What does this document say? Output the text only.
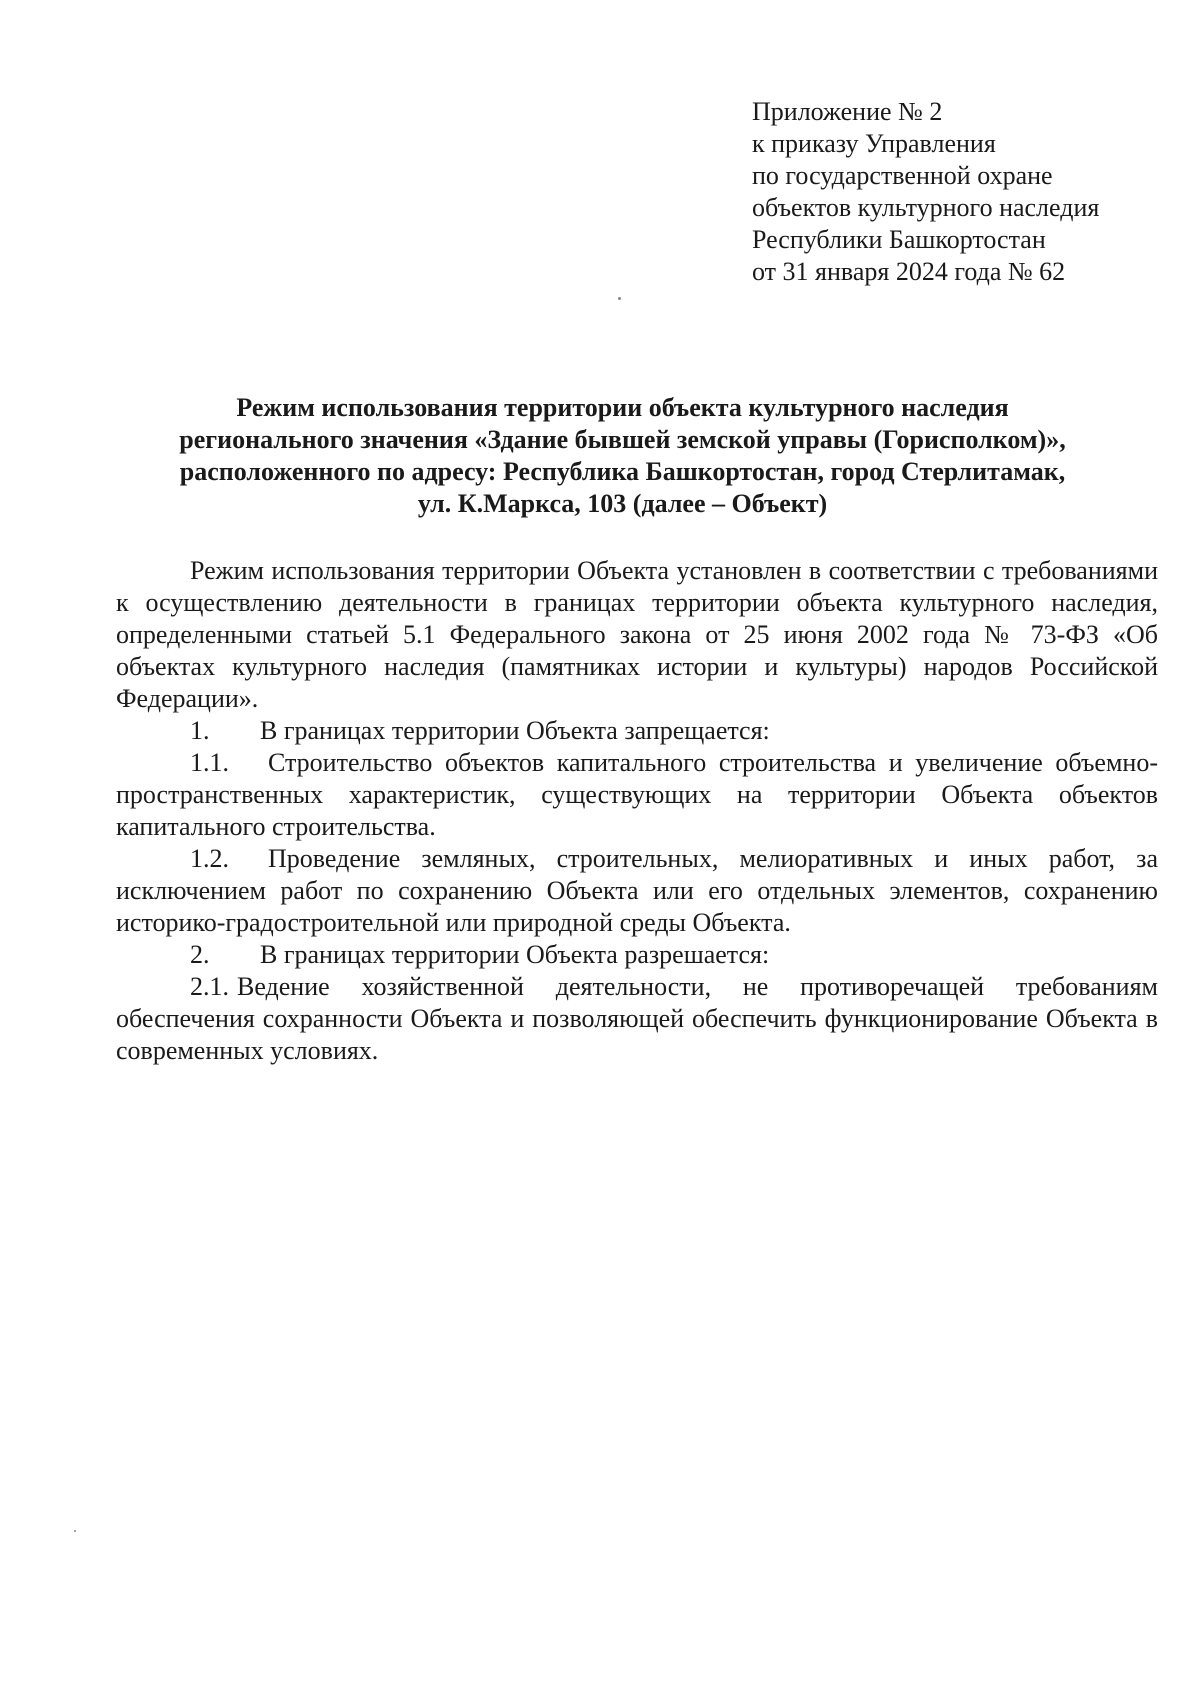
Приложение № 2
к приказу Управления
по государственной охране
объектов культурного наследия
Республики Башкортостан
от 31 января 2024 года № 62
Режим использования территории объекта культурного наследия
регионального значения «Здание бывшей земской управы (Горисполком)»,
расположенного по адресу: Республика Башкортостан, город Стерлитамак,
ул. К.Маркса, 103 (далее – Объект)

Режим использования территории Объекта установлен в соответствии с требованиями к осуществлению деятельности в границах территории объекта культурного наследия, определенными статьей 5.1 Федерального закона от 25 июня 2002 года № 73-ФЗ «Об объектах культурного наследия (памятниках истории и культуры) народов Российской Федерации».

1.	В границах территории Объекта запрещается:

1.1. Строительство объектов капитального строительства и увеличение объемно-пространственных характеристик, существующих на территории Объекта объектов капитального строительства.

1.2. Проведение земляных, строительных, мелиоративных и иных работ, за исключением работ по сохранению Объекта или его отдельных элементов, сохранению историко-градостроительной или природной среды Объекта.

2.	В границах территории Объекта разрешается:

2.1. Ведение хозяйственной деятельности, не противоречащей требованиям обеспечения сохранности Объекта и позволяющей обеспечить функционирование Объекта в современных условиях.
